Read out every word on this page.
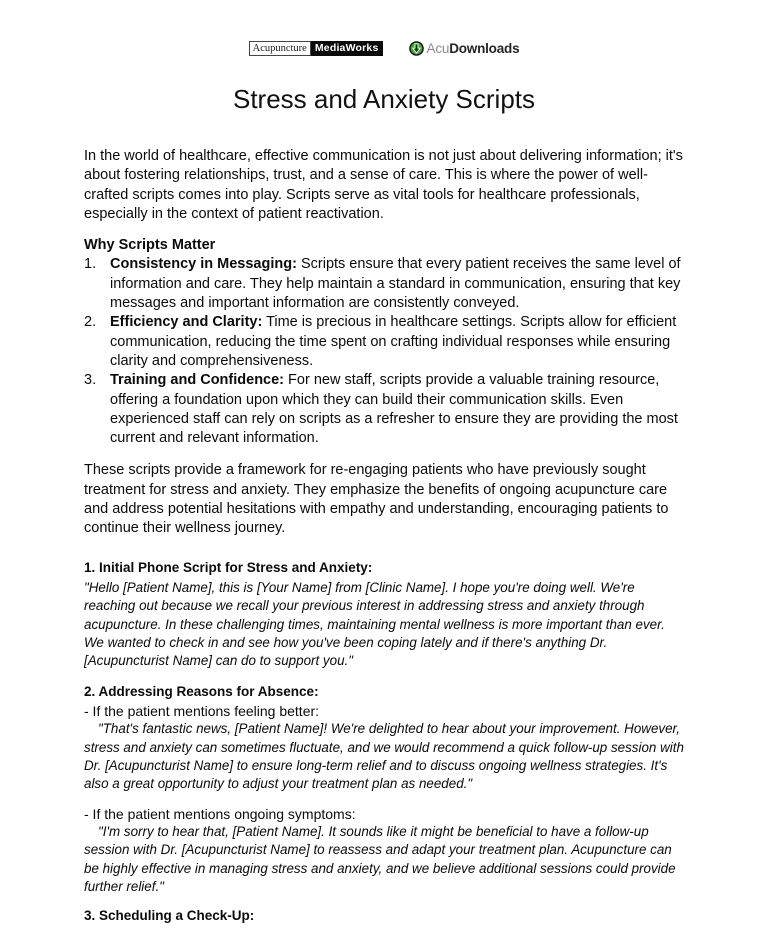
Acupuncture MediaWorks	Acu Downloads
Stress and Anxiety Scripts

In the world of healthcare, effective communication is not just about delivering information; it's about fostering relationships, trust, and a sense of care. This is where the power of well-crafted scripts comes into play. Scripts serve as vital tools for healthcare professionals, especially in the context of patient reactivation.

Why Scripts Matter

1. Consistency in Messaging: Scripts ensure that every patient receives the same level of information and care. They help maintain a standard in communication, ensuring that key messages and important information are consistently conveyed.
2. Efficiency and Clarity: Time is precious in healthcare settings. Scripts allow for efficient communication, reducing the time spent on crafting individual responses while ensuring clarity and comprehensiveness.
3. Training and Confidence: For new staff, scripts provide a valuable training resource, offering a foundation upon which they can build their communication skills. Even experienced staff can rely on scripts as a refresher to ensure they are providing the most current and relevant information.

These scripts provide a framework for re-engaging patients who have previously sought treatment for stress and anxiety. They emphasize the benefits of ongoing acupuncture care and address potential hesitations with empathy and understanding, encouraging patients to continue their wellness journey.

1. Initial Phone Script for Stress and Anxiety:

"Hello [Patient Name], this is [Your Name] from [Clinic Name]. I hope you're doing well. We're reaching out because we recall your previous interest in addressing stress and anxiety through acupuncture. In these challenging times, maintaining mental wellness is more important than ever. We wanted to check in and see how you've been coping lately and if there's anything Dr. [Acupuncturist Name] can do to support you."

2. Addressing Reasons for Absence:

- If the patient mentions feeling better:

"That's fantastic news, [Patient Name]! We're delighted to hear about your improvement. However, stress and anxiety can sometimes fluctuate, and we would recommend a quick follow-up session with Dr. [Acupuncturist Name] to ensure long-term relief and to discuss ongoing wellness strategies. It's also a great opportunity to adjust your treatment plan as needed."

- If the patient mentions ongoing symptoms:

"I'm sorry to hear that, [Patient Name]. It sounds like it might be beneficial to have a follow-up session with Dr. [Acupuncturist Name] to reassess and adapt your treatment plan. Acupuncture can be highly effective in managing stress and anxiety, and we believe additional sessions could provide further relief."

3. Scheduling a Check-Up:
